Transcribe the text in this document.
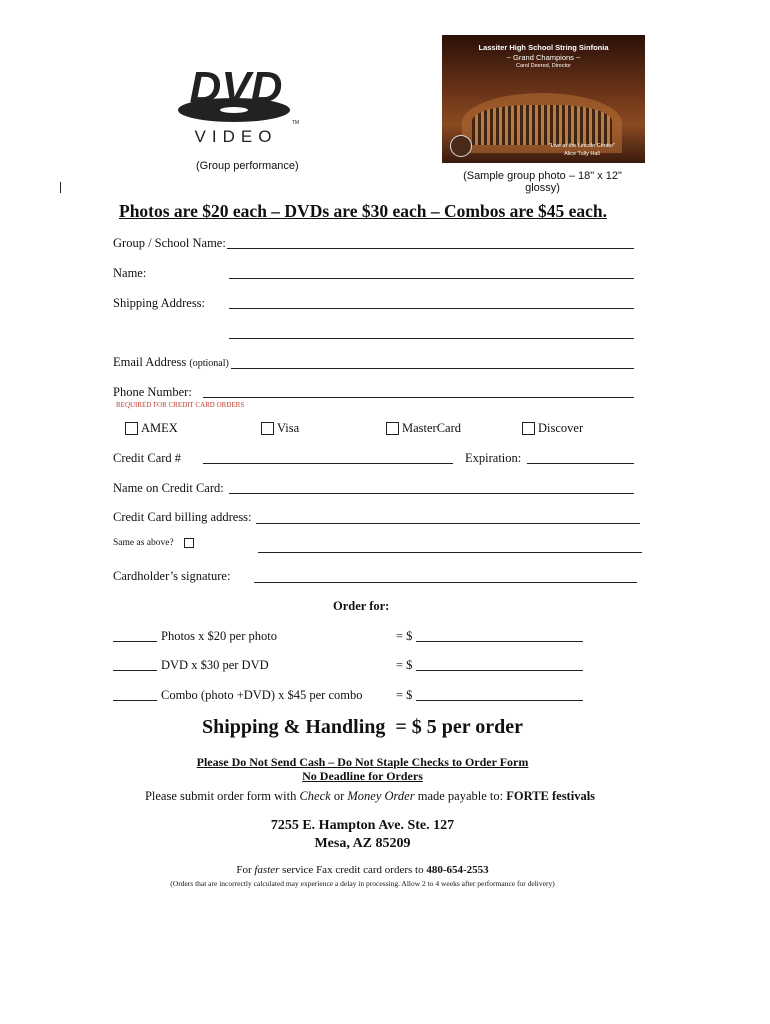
DVD
VIDEO
TM
(Group performance)
Lassiter High School String Sinfonia
~ Grand Champions ~
Carol Deered, Director
"Live at the Lincoln Center"
Alice Tully Hall
(Sample group photo – 18" x 12"
glossy)
Photos are $20 each – DVDs are $30 each – Combos are $45 each.
Group / School Name:
Name:
Shipping Address:
Email Address (optional)
Phone Number:
REQUIRED FOR CREDIT CARD ORDERS
AMEX	Visa	MasterCard	Discover
Credit Card #	Expiration:
Name on Credit Card:
Credit Card billing address:
Same as above?
Cardholder’s signature:
Order for:
Photos x $20 per photo	= $
DVD x $30 per DVD	= $
Combo (photo +DVD) x $45 per combo	= $
Shipping & Handling  = $ 5 per order
Please Do Not Send Cash – Do Not Staple Checks to Order Form
No Deadline for Orders
Please submit order form with Check or Money Order made payable to: FORTE festivals
7255 E. Hampton Ave. Ste. 127
Mesa, AZ 85209
For faster service Fax credit card orders to 480-654-2553
(Orders that are incorrectly calculated may experience a delay in processing. Allow 2 to 4 weeks after performance for delivery)
